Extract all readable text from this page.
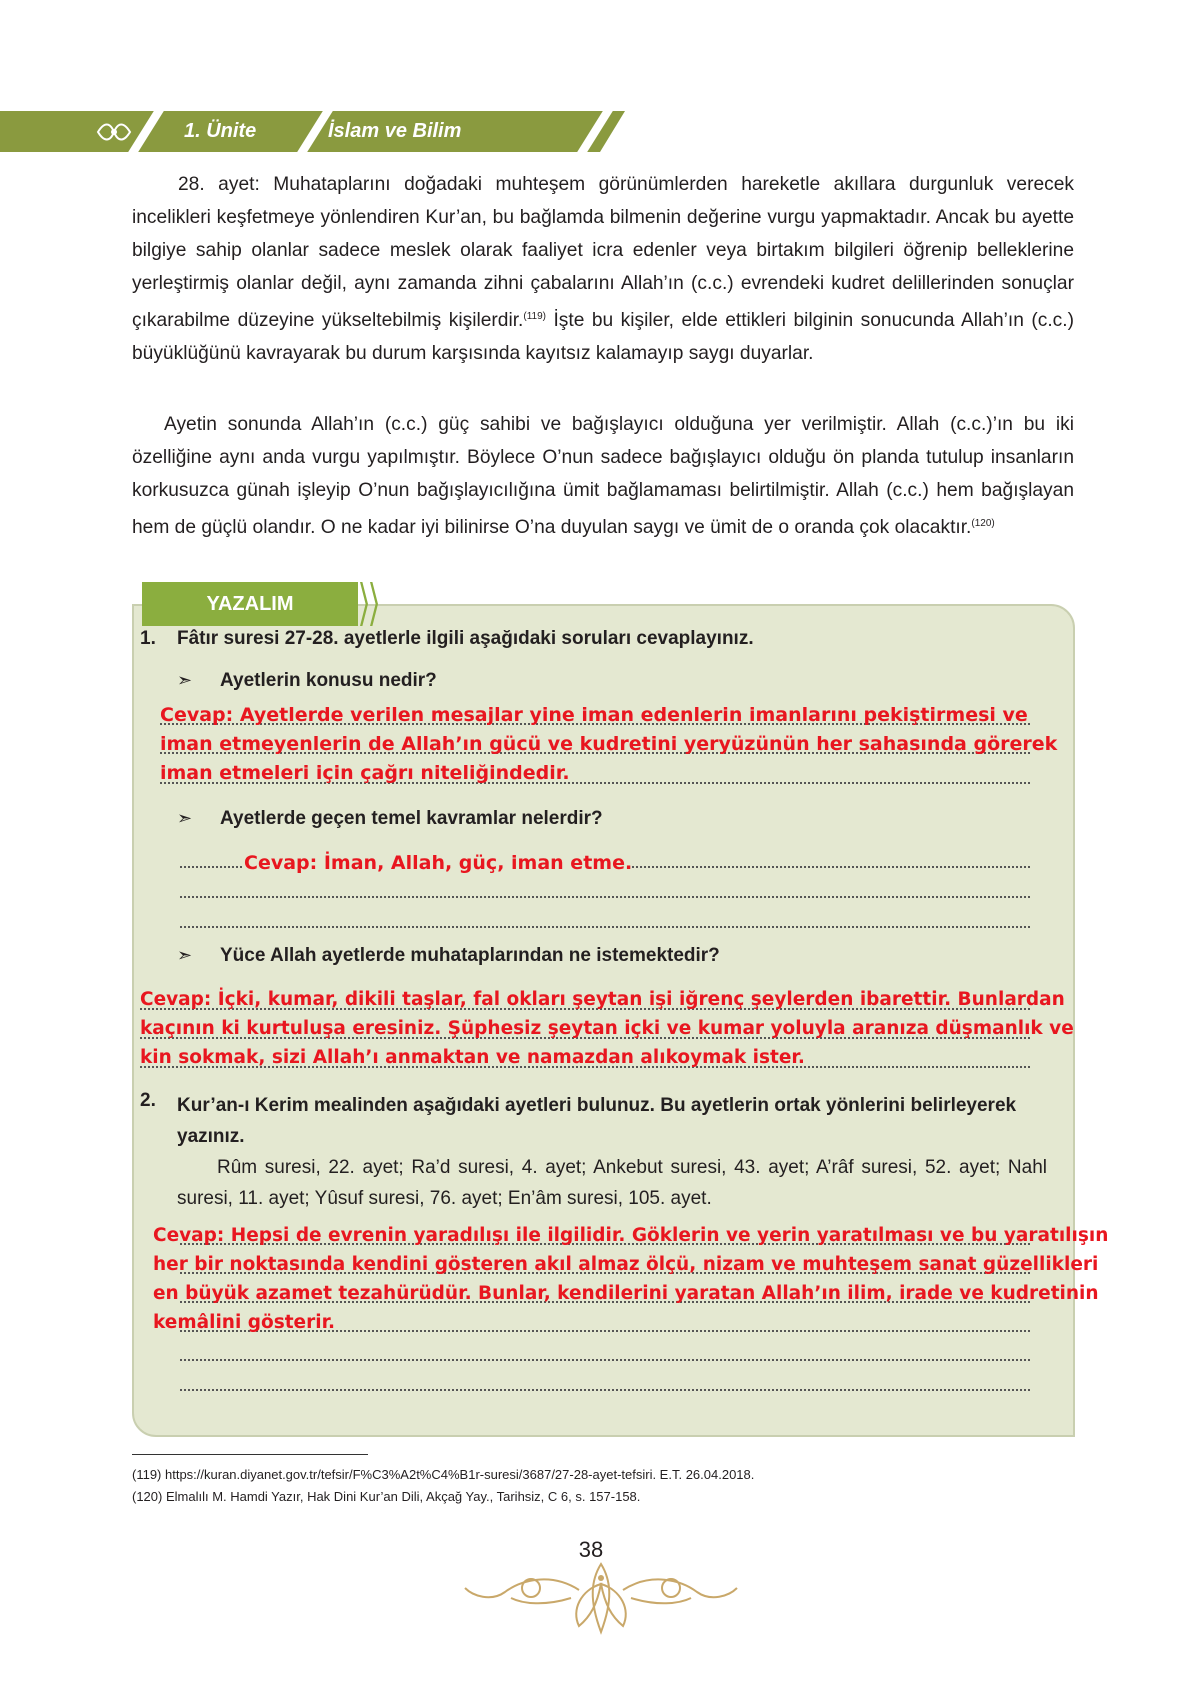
1. Ünite	İslam ve Bilim

28. ayet: Muhataplarını doğadaki muhteşem görünümlerden hareketle akıllara durgunluk verecek incelikleri keşfetmeye yönlendiren Kur’an, bu bağlamda bilmenin değerine vurgu yapmaktadır. Ancak bu ayette bilgiye sahip olanlar sadece meslek olarak faaliyet icra edenler veya birtakım bilgileri öğrenip belleklerine yerleştirmiş olanlar değil, aynı zamanda zihni çabalarını Allah’ın (c.c.) evrendeki kudret delillerinden sonuçlar çıkarabilme düzeyine yükseltebilmiş kişilerdir.$^{(119)}$ İşte bu kişiler, elde ettikleri bilginin sonucunda Allah’ın (c.c.) büyüklüğünü kavrayarak bu durum karşısında kayıtsız kalamayıp saygı duyarlar.

Ayetin sonunda Allah’ın (c.c.) güç sahibi ve bağışlayıcı olduğuna yer verilmiştir. Allah (c.c.)’ın bu iki özelliğine aynı anda vurgu yapılmıştır. Böylece O’nun sadece bağışlayıcı olduğu ön planda tutulup insanların korkusuzca günah işleyip O’nun bağışlayıcılığına ümit bağlamaması belirtilmiştir. Allah (c.c.) hem bağışlayan hem de güçlü olandır. O ne kadar iyi bilinirse O’na duyulan saygı ve ümit de o oranda çok olacaktır.$^{(120)}$

YAZALIM
1. Fâtır suresi 27-28. ayetlerle ilgili aşağıdaki soruları cevaplayınız.
➣ Ayetlerin konusu nedir?

Cevap: Ayetlerde verilen mesajlar yine iman edenlerin imanlarını pekiştirmesi ve iman etmeyenlerin de Allah’ın gücü ve kudretini yeryüzünün her sahasında görerek iman etmeleri için çağrı niteliğindedir.

➣ Ayetlerde geçen temel kavramlar nelerdir?

Cevap: İman, Allah, güç, iman etme.

➣ Yüce Allah ayetlerde muhataplarından ne istemektedir?

Cevap: İçki, kumar, dikili taşlar, fal okları şeytan işi iğrenç şeylerden ibarettir. Bunlardan kaçının ki kurtuluşa eresiniz. Şüphesiz şeytan içki ve kumar yoluyla aranıza düşmanlık ve kin sokmak, sizi Allah’ı anmaktan ve namazdan alıkoymak ister.

2. Kur’an-ı Kerim mealinden aşağıdaki ayetleri bulunuz. Bu ayetlerin ortak yönlerini belirleyerek yazınız.

Rûm suresi, 22. ayet; Ra’d suresi, 4. ayet; Ankebut suresi, 43. ayet; A’râf suresi, 52. ayet; Nahl suresi, 11. ayet; Yûsuf suresi, 76. ayet; En’âm suresi, 105. ayet.

Cevap: Hepsi de evrenin yaradılışı ile ilgilidir. Göklerin ve yerin yaratılması ve bu yaratılışın her bir noktasında kendini gösteren akıl almaz ölçü, nizam ve muhteşem sanat güzellikleri en büyük azamet tezahürüdür. Bunlar, kendilerini yaratan Allah’ın ilim, irade ve kudretinin kemâlini gösterir.

(119) https://kuran.diyanet.gov.tr/tefsir/F%C3%A2t%C4%B1r-suresi/3687/27-28-ayet-tefsiri. E.T. 26.04.2018.
(120) Elmalılı M. Hamdi Yazır, Hak Dini Kur’an Dili, Akçağ Yay., Tarihsiz, C 6, s. 157-158.
38
